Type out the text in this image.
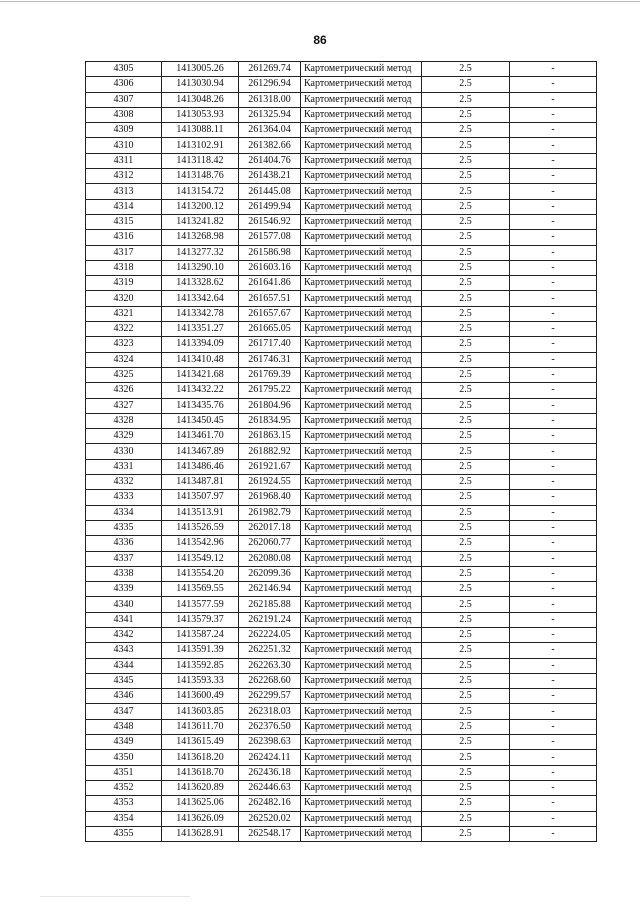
86
4305	1413005.26	261269.74	Картометрический метод	2.5	-
4306	1413030.94	261296.94	Картометрический метод	2.5	-
4307	1413048.26	261318.00	Картометрический метод	2.5	-
4308	1413053.93	261325.94	Картометрический метод	2.5	-
4309	1413088.11	261364.04	Картометрический метод	2.5	-
4310	1413102.91	261382.66	Картометрический метод	2.5	-
4311	1413118.42	261404.76	Картометрический метод	2.5	-
4312	1413148.76	261438.21	Картометрический метод	2.5	-
4313	1413154.72	261445.08	Картометрический метод	2.5	-
4314	1413200.12	261499.94	Картометрический метод	2.5	-
4315	1413241.82	261546.92	Картометрический метод	2.5	-
4316	1413268.98	261577.08	Картометрический метод	2.5	-
4317	1413277.32	261586.98	Картометрический метод	2.5	-
4318	1413290.10	261603.16	Картометрический метод	2.5	-
4319	1413328.62	261641.86	Картометрический метод	2.5	-
4320	1413342.64	261657.51	Картометрический метод	2.5	-
4321	1413342.78	261657.67	Картометрический метод	2.5	-
4322	1413351.27	261665.05	Картометрический метод	2.5	-
4323	1413394.09	261717.40	Картометрический метод	2.5	-
4324	1413410.48	261746.31	Картометрический метод	2.5	-
4325	1413421.68	261769.39	Картометрический метод	2.5	-
4326	1413432.22	261795.22	Картометрический метод	2.5	-
4327	1413435.76	261804.96	Картометрический метод	2.5	-
4328	1413450.45	261834.95	Картометрический метод	2.5	-
4329	1413461.70	261863.15	Картометрический метод	2.5	-
4330	1413467.89	261882.92	Картометрический метод	2.5	-
4331	1413486.46	261921.67	Картометрический метод	2.5	-
4332	1413487.81	261924.55	Картометрический метод	2.5	-
4333	1413507.97	261968.40	Картометрический метод	2.5	-
4334	1413513.91	261982.79	Картометрический метод	2.5	-
4335	1413526.59	262017.18	Картометрический метод	2.5	-
4336	1413542.96	262060.77	Картометрический метод	2.5	-
4337	1413549.12	262080.08	Картометрический метод	2.5	-
4338	1413554.20	262099.36	Картометрический метод	2.5	-
4339	1413569.55	262146.94	Картометрический метод	2.5	-
4340	1413577.59	262185.88	Картометрический метод	2.5	-
4341	1413579.37	262191.24	Картометрический метод	2.5	-
4342	1413587.24	262224.05	Картометрический метод	2.5	-
4343	1413591.39	262251.32	Картометрический метод	2.5	-
4344	1413592.85	262263.30	Картометрический метод	2.5	-
4345	1413593.33	262268.60	Картометрический метод	2.5	-
4346	1413600.49	262299.57	Картометрический метод	2.5	-
4347	1413603.85	262318.03	Картометрический метод	2.5	-
4348	1413611.70	262376.50	Картометрический метод	2.5	-
4349	1413615.49	262398.63	Картометрический метод	2.5	-
4350	1413618.20	262424.11	Картометрический метод	2.5	-
4351	1413618.70	262436.18	Картометрический метод	2.5	-
4352	1413620.89	262446.63	Картометрический метод	2.5	-
4353	1413625.06	262482.16	Картометрический метод	2.5	-
4354	1413626.09	262520.02	Картометрический метод	2.5	-
4355	1413628.91	262548.17	Картометрический метод	2.5	-
